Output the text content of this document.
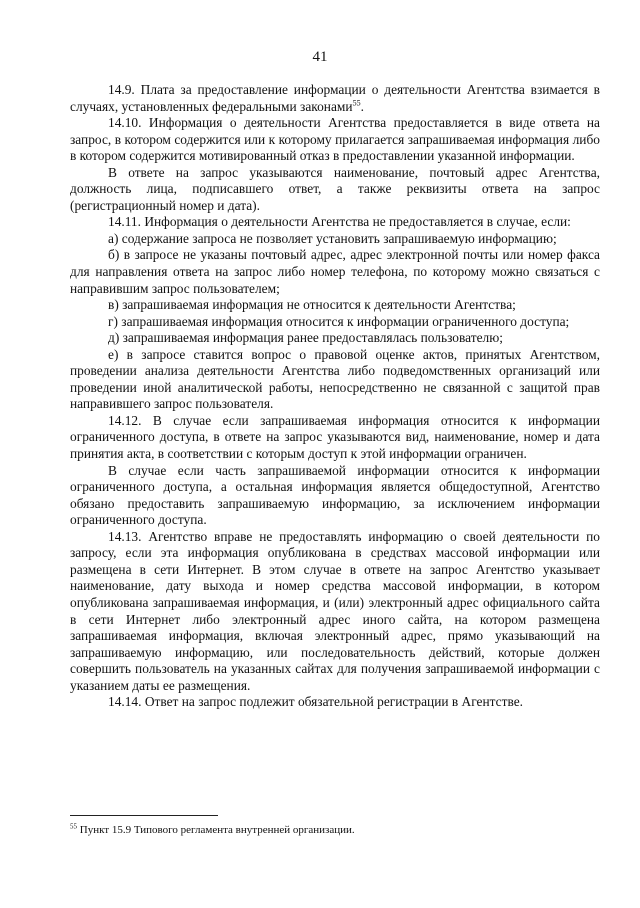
41

14.9. Плата за предоставление информации о деятельности Агентства взимается в случаях, установленных федеральными законами$^{55}$.

14.10. Информация о деятельности Агентства предоставляется в виде ответа на запрос, в котором содержится или к которому прилагается запрашиваемая информация либо в котором содержится мотивированный отказ в предоставлении указанной информации.

В ответе на запрос указываются наименование, почтовый адрес Агентства, должность лица, подписавшего ответ, а также реквизиты ответа на запрос (регистрационный номер и дата).

14.11. Информация о деятельности Агентства не предоставляется в случае, если:

а) содержание запроса не позволяет установить запрашиваемую информацию;

б) в запросе не указаны почтовый адрес, адрес электронной почты или номер факса для направления ответа на запрос либо номер телефона, по которому можно связаться с направившим запрос пользователем;

в) запрашиваемая информация не относится к деятельности Агентства;

г) запрашиваемая информация относится к информации ограниченного доступа;

д) запрашиваемая информация ранее предоставлялась пользователю;

е) в запросе ставится вопрос о правовой оценке актов, принятых Агентством, проведении анализа деятельности Агентства либо подведомственных организаций или проведении иной аналитической работы, непосредственно не связанной с защитой прав направившего запрос пользователя.

14.12. В случае если запрашиваемая информация относится к информации ограниченного доступа, в ответе на запрос указываются вид, наименование, номер и дата принятия акта, в соответствии с которым доступ к этой информации ограничен.

В случае если часть запрашиваемой информации относится к информации ограниченного доступа, а остальная информация является общедоступной, Агентство обязано предоставить запрашиваемую информацию, за исключением информации ограниченного доступа.

14.13. Агентство вправе не предоставлять информацию о своей деятельности по запросу, если эта информация опубликована в средствах массовой информации или размещена в сети Интернет. В этом случае в ответе на запрос Агентство указывает наименование, дату выхода и номер средства массовой информации, в котором опубликована запрашиваемая информация, и (или) электронный адрес официального сайта в сети Интернет либо электронный адрес иного сайта, на котором размещена запрашиваемая информация, включая электронный адрес, прямо указывающий на запрашиваемую информацию, или последовательность действий, которые должен совершить пользователь на указанных сайтах для получения запрашиваемой информации с указанием даты ее размещения.

14.14. Ответ на запрос подлежит обязательной регистрации в Агентстве.

$^{55}$ Пункт 15.9 Типового регламента внутренней организации.
